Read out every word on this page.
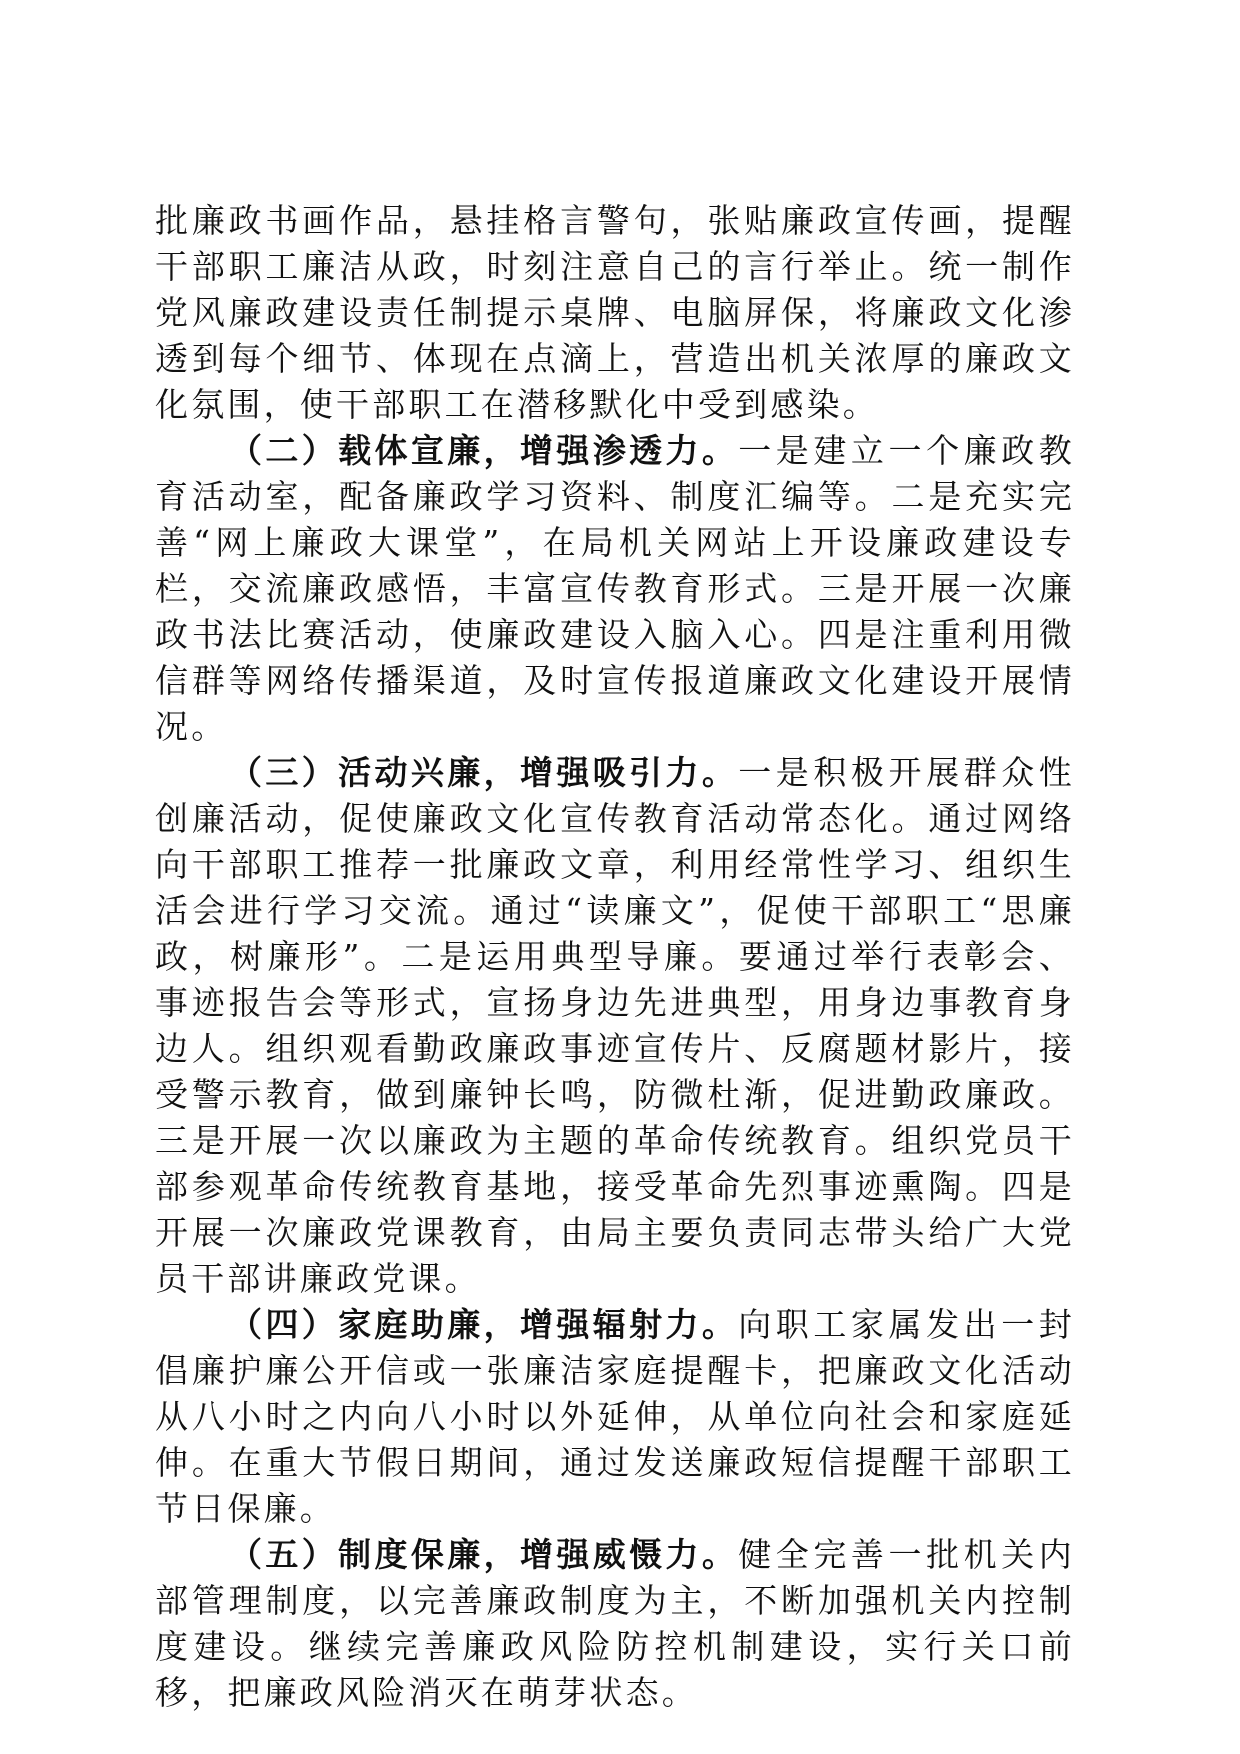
批廉政书画作品，悬挂格言警句，张贴廉政宣传画，提醒干部职工廉洁从政，时刻注意自己的言行举止。统一制作党风廉政建设责任制提示桌牌、电脑屏保，将廉政文化渗透到每个细节、体现在点滴上，营造出机关浓厚的廉政文化氛围，使干部职工在潜移默化中受到感染。

（二）载体宣廉，增强渗透力。一是建立一个廉政教育活动室，配备廉政学习资料、制度汇编等。二是充实完善“网上廉政大课堂”，在局机关网站上开设廉政建设专栏，交流廉政感悟，丰富宣传教育形式。三是开展一次廉政书法比赛活动，使廉政建设入脑入心。四是注重利用微信群等网络传播渠道，及时宣传报道廉政文化建设开展情况。

（三）活动兴廉，增强吸引力。一是积极开展群众性创廉活动，促使廉政文化宣传教育活动常态化。通过网络向干部职工推荐一批廉政文章，利用经常性学习、组织生活会进行学习交流。通过“读廉文”，促使干部职工“思廉政，树廉形”。二是运用典型导廉。要通过举行表彰会、事迹报告会等形式，宣扬身边先进典型，用身边事教育身边人。组织观看勤政廉政事迹宣传片、反腐题材影片，接受警示教育，做到廉钟长鸣，防微杜渐，促进勤政廉政。三是开展一次以廉政为主题的革命传统教育。组织党员干部参观革命传统教育基地，接受革命先烈事迹熏陶。四是开展一次廉政党课教育，由局主要负责同志带头给广大党员干部讲廉政党课。

（四）家庭助廉，增强辐射力。向职工家属发出一封倡廉护廉公开信或一张廉洁家庭提醒卡，把廉政文化活动从八小时之内向八小时以外延伸，从单位向社会和家庭延伸。在重大节假日期间，通过发送廉政短信提醒干部职工节日保廉。

（五）制度保廉，增强威慑力。健全完善一批机关内部管理制度，以完善廉政制度为主，不断加强机关内控制度建设。继续完善廉政风险防控机制建设，实行关口前移，把廉政风险消灭在萌芽状态。
